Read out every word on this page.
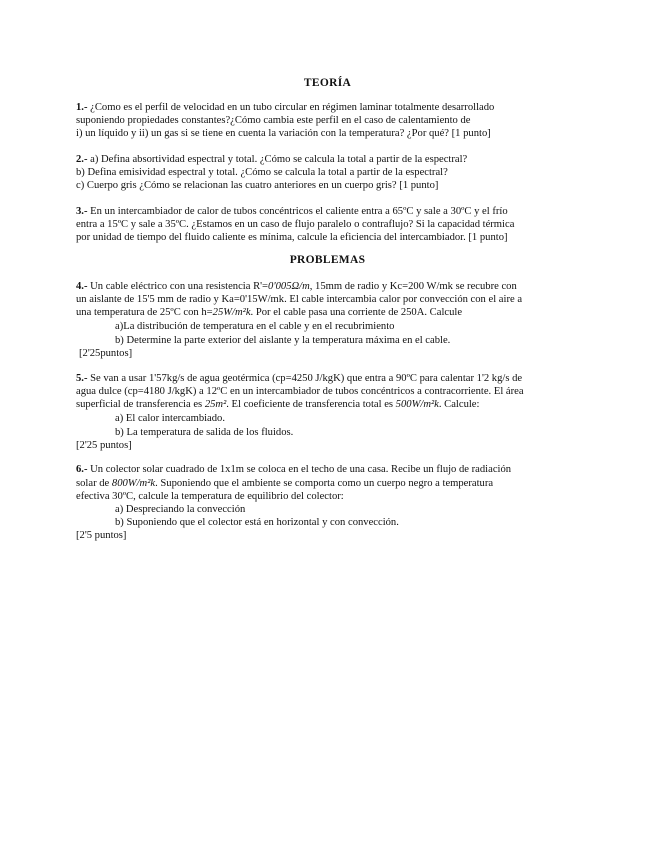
TEORÍA
1.- ¿Como es el perfil de velocidad en un tubo circular en régimen laminar totalmente desarrollado
suponiendo propiedades constantes?¿Cómo cambia este perfil en el caso de calentamiento de
i) un líquido y ii) un gas si se tiene en cuenta la variación con la temperatura? ¿Por qué? [1 punto]
2.- a) Defina absortividad espectral y total. ¿Cómo se calcula la total a partir de la espectral?
b) Defina emisividad espectral y total. ¿Cómo se calcula la total a partir de la espectral?
c) Cuerpo gris ¿Cómo se relacionan las cuatro anteriores en un cuerpo gris? [1 punto]
3.- En un intercambiador de calor de tubos concéntricos el caliente entra a 65ºC y sale a 30ºC y el frío
entra a 15ºC y sale a 35ºC. ¿Estamos en un caso de flujo paralelo o contraflujo? Si la capacidad térmica
por unidad de tiempo del fluido caliente es mínima, calcule la eficiencia del intercambiador. [1 punto]
PROBLEMAS
4.- Un cable eléctrico con una resistencia R'=0'005Ω/m, 15mm de radio y Kc=200 W/mk se recubre con
un aislante de 15'5 mm de radio y Ka=0'15W/mk. El cable intercambia calor por convección con el aire a
una temperatura de 25ºC con h=25W/m²k. Por el cable pasa una corriente de 250A. Calcule
a)La distribución de temperatura en el cable y en el recubrimiento
b) Determine la parte exterior del aislante y la temperatura máxima en el cable.
[2'25puntos]
5.- Se van a usar 1'57kg/s de agua geotérmica (cp=4250 J/kgK) que entra a 90ºC para calentar 1'2 kg/s de
agua dulce (cp=4180 J/kgK) a 12ºC en un intercambiador de tubos concéntricos a contracorriente. El área
superficial de transferencia es 25m². El coeficiente de transferencia total es 500W/m²k. Calcule:
a) El calor intercambiado.
b) La temperatura de salida de los fluidos.
[2'25 puntos]
6.- Un colector solar cuadrado de 1x1m se coloca en el techo de una casa. Recibe un flujo de radiación
solar de 800W/m²k. Suponiendo que el ambiente se comporta como un cuerpo negro a temperatura
efectiva 30ºC, calcule la temperatura de equilibrio del colector:
a) Despreciando la convección
b) Suponiendo que el colector está en horizontal y con convección.
[2'5 puntos]
